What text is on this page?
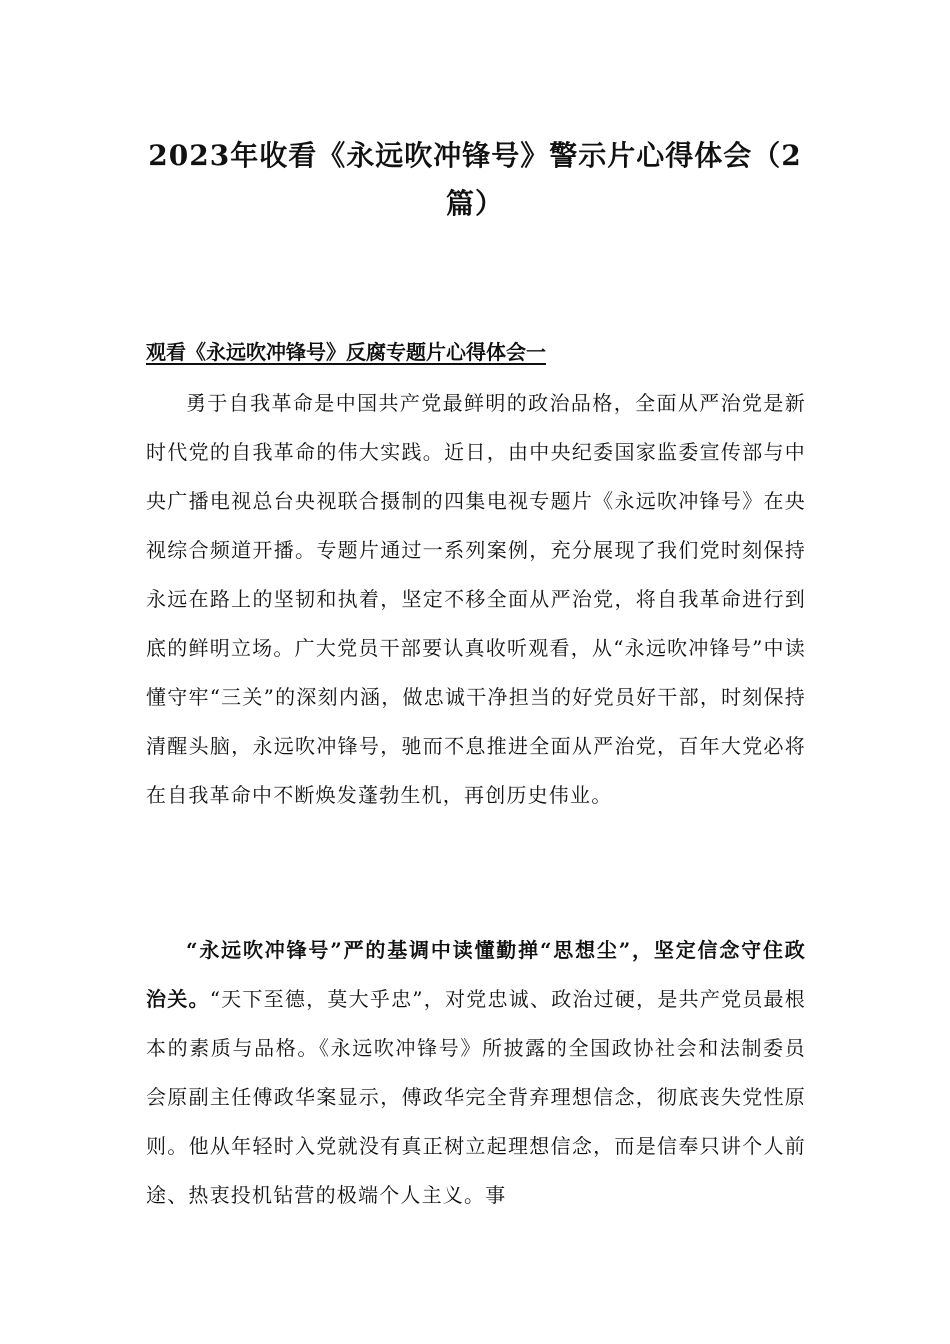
2023年收看《永远吹冲锋号》警示片心得体会（2篇）
观看《永远吹冲锋号》反腐专题片心得体会一

勇于自我革命是中国共产党最鲜明的政治品格，全面从严治党是新时代党的自我革命的伟大实践。近日，由中央纪委国家监委宣传部与中央广播电视总台央视联合摄制的四集电视专题片《永远吹冲锋号》在央视综合频道开播。专题片通过一系列案例，充分展现了我们党时刻保持永远在路上的坚韧和执着，坚定不移全面从严治党，将自我革命进行到底的鲜明立场。广大党员干部要认真收听观看，从“永远吹冲锋号”中读懂守牢“三关”的深刻内涵，做忠诚干净担当的好党员好干部，时刻保持清醒头脑，永远吹冲锋号，驰而不息推进全面从严治党，百年大党必将在自我革命中不断焕发蓬勃生机，再创历史伟业。

“永远吹冲锋号”严的基调中读懂勤掸“思想尘”，坚定信念守住政治关。“天下至德，莫大乎忠”，对党忠诚、政治过硬，是共产党员最根本的素质与品格。《永远吹冲锋号》所披露的全国政协社会和法制委员会原副主任傅政华案显示，傅政华完全背弃理想信念，彻底丧失党性原则。他从年轻时入党就没有真正树立起理想信念，而是信奉只讲个人前途、热衷投机钻营的极端个人主义。事
